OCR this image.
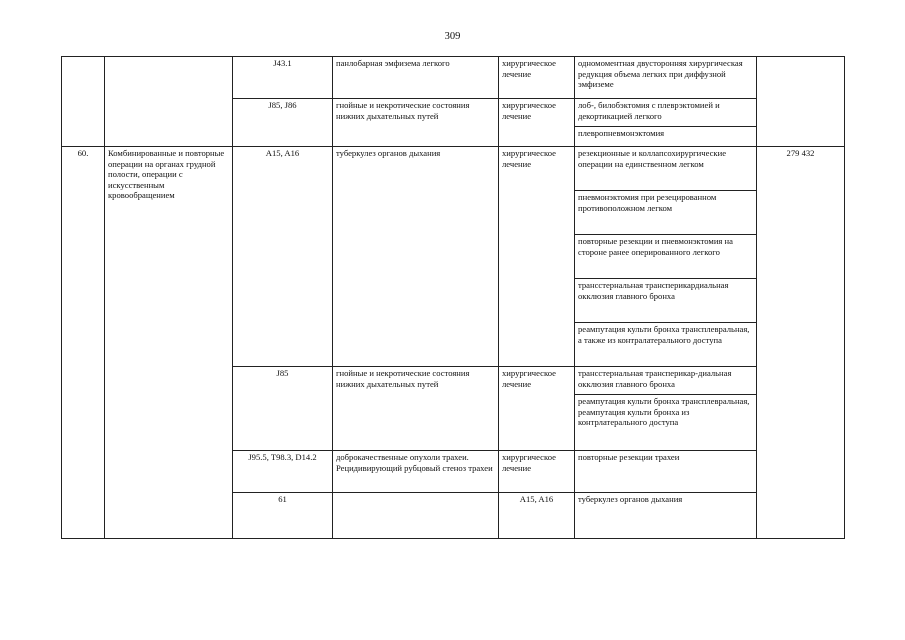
309
		J43.1	панлобарная эмфизема легкого	хирургическое лечение	одномоментная двусторонняя хирургическая редукция объема легких при диффузной эмфиземе		
		J85, J86	гнойные и некротические состояния нижних дыхательных путей	хирургическое лечение	лоб-, билобэктомия с плеврэктомией и декортикацией легкого		
					плевропневмонэктомия		
60.	Комбинированные и повторные операции на органах грудной полости, операции с искусственным кровообращением	A15, A16	туберкулез органов дыхания	хирургическое лечение	резекционные и коллапсохирургические операции на единственном легком	279 432	
					пневмонэктомия при резецированном противоположном легком		
					повторные резекции и пневмонэктомия на стороне ранее оперированного легкого		
					трансстернальная трансперикардиальная окклюзия главного бронха		
					реампутация культи бронха трансплевральная, а также из контралатерального доступа		
		J85	гнойные и некротические состояния нижних дыхательных путей	хирургическое лечение	трансстернальная трансперикар-диальная окклюзия главного бронха		
					реампутация культи бронха трансплевральная, реампутация культи бронха из контрлатерального доступа		
		J95.5, T98.3, D14.2	доброкачественные опухоли трахеи. Рецидивирующий рубцовый стеноз трахеи	хирургическое лечение	повторные резекции трахеи		
		61		A15, A16	туберкулез органов дыхания			
